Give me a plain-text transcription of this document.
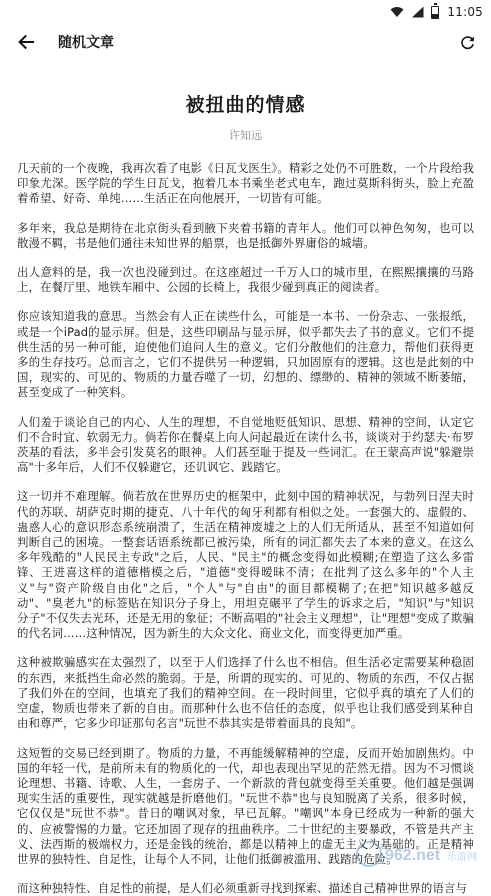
11:05
随机文章
被扭曲的情感
许知远

几天前的一个夜晚，我再次看了电影《日瓦戈医生》。精彩之处仍不可胜数，一个片段给我印象尤深。医学院的学生日瓦戈，抱着几本书乘坐老式电车，跑过莫斯科街头，脸上充盈着希望、好奇、单纯……生活正在向他展开，一切皆有可能。

多年来，我总是期待在北京街头看到腋下夹着书籍的青年人。他们可以神色匆匆，也可以散漫不羁，书是他们通往未知世界的船票，也是抵御外界庸俗的城墙。

出人意料的是，我一次也没碰到过。在这座超过一千万人口的城市里，在熙熙攘攘的马路上，在餐厅里、地铁车厢中、公园的长椅上，我很少碰到真正的阅读者。

你应该知道我的意思。当然会有人正在读些什么，可能是一本书、一份杂志、一张报纸，或是一个iPad的显示屏。但是，这些印刷品与显示屏，似乎都失去了书的意义。它们不提供生活的另一种可能，迫使他们追问人生的意义。它们分散他们的注意力，帮他们获得更多的生存技巧。总而言之，它们不提供另一种逻辑，只加固原有的逻辑。这也是此刻的中国，现实的、可见的、物质的力量吞噬了一切，幻想的、缥缈的、精神的领域不断萎缩，甚至变成了一种笑料。

人们羞于谈论自己的内心、人生的理想，不自觉地贬低知识、思想、精神的空间，认定它们不合时宜、软弱无力。倘若你在餐桌上向人问起最近在读什么书，谈谈对于约瑟夫·布罗茨基的看法，多半会引发莫名的眼神。人们甚至耻于提及一些词汇。在王蒙高声说"躲避崇高"十多年后，人们不仅躲避它，还讥讽它、践踏它。

这一切并不难理解。倘若放在世界历史的框架中，此刻中国的精神状况，与勃列日涅夫时代的苏联、胡萨克时期的捷克、八十年代的匈牙利都有相似之处。一套强大的、虚假的、蛊惑人心的意识形态系统崩溃了，生活在精神废墟之上的人们无所适从，甚至不知道如何判断自己的困境。一整套话语系统都已被污染，所有的词汇都失去了本来的意义。在这么多年残酷的"人民民主专政"之后，人民、"民主"的概念变得如此模糊;在塑造了这么多雷锋、王进喜这样的道德楷模之后，"道德"变得暧昧不清；在批判了这么多年的"个人主义"与"资产阶级自由化"之后，"个人"与"自由"的面目都模糊了;在把"知识越多越反动"、"臭老九"的标签贴在知识分子身上，用坦克碾平了学生的诉求之后，"知识"与"知识分子"不仅失去光环，还是无用的象征；不断高唱的"社会主义理想"，让"理想"变成了欺骗的代名词……这种情况，因为新生的大众文化、商业文化，而变得更加严重。

这种被欺骗感实在太强烈了，以至于人们选择了什么也不相信。但生活必定需要某种稳固的东西，来抵挡生命必然的脆弱。于是，所谓的现实的、可见的、物质的东西，不仅占据了我们外在的空间，也填充了我们的精神空间。在一段时间里，它似乎真的填充了人们的空虚，物质也带来了新的自由。而那种什么也不信任的态度，似乎也让我们感受到某种自由和尊严，它多少印证那句名言"玩世不恭其实是带着面具的良知"。

这短暂的交易已经到期了。物质的力量，不再能缓解精神的空虚，反而开始加剧焦灼。中国的年轻一代，是前所未有的物质化的一代，却也表现出罕见的茫然无措。因为不习惯谈论理想、书籍、诗歌、人生，一套房子、一个新款的背包就变得至关重要。他们越是强调现实生活的重要性，现实就越是折磨他们。"玩世不恭"也与良知脱离了关系，很多时候，它仅仅是"玩世不恭"。昔日的嘲讽对象，早已瓦解。"嘲讽"本身已经成为一种新的强大的、应被警惕的力量。它还加固了现存的扭曲秩序。二十世纪的主要暴政，不管是共产主义、法西斯的极端权力，还是金钱的统治，都是以精神上的虚无主义为基础的。正是精神世界的独特性、自足性，让每个人不同，让他们抵御被滥用、践踏的危险。

而这种独特性、自足性的前提，是人们必须重新寻找到探索、描述自己精神世界的语言与

962.net 乐游网
